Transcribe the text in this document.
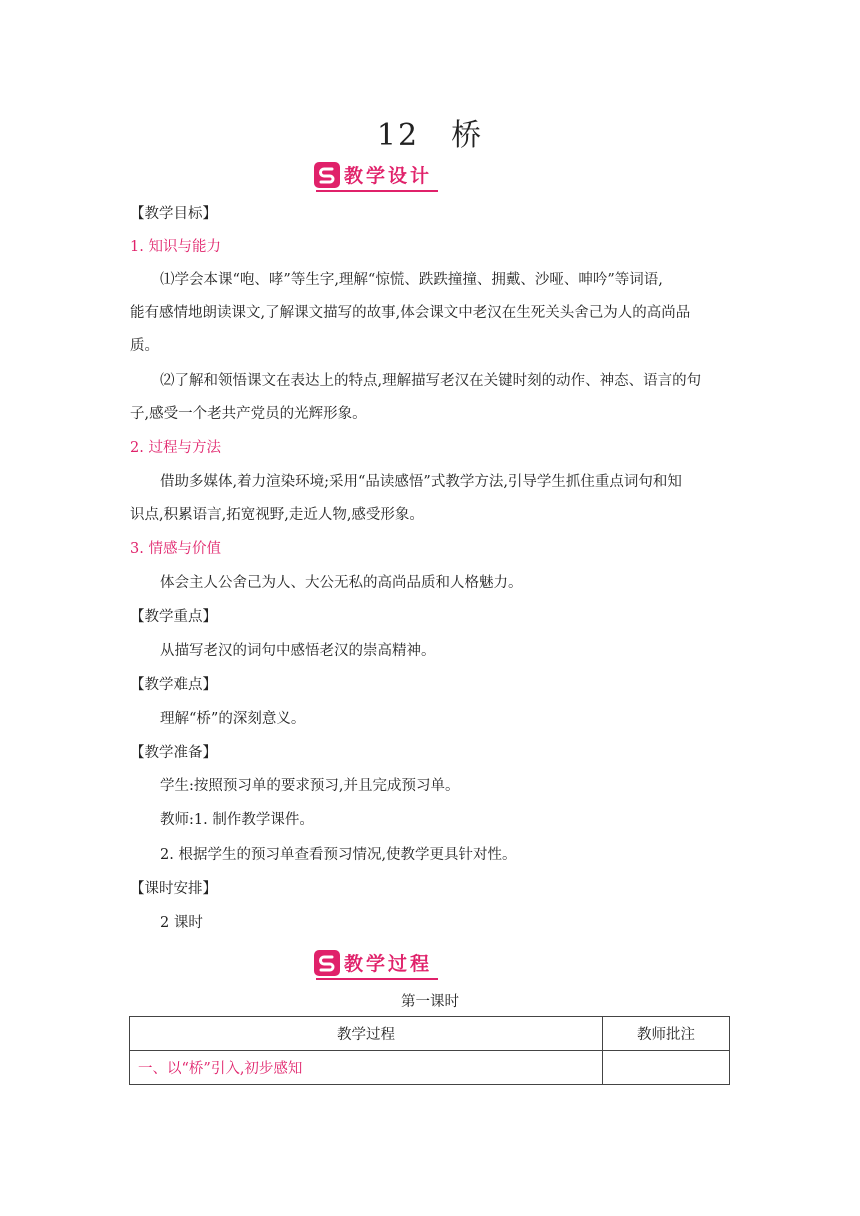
12　桥
教学设计
【教学目标】
1. 知识与能力
⑴学会本课“咆、哮”等生字,理解“惊慌、跌跌撞撞、拥戴、沙哑、呻吟”等词语,
能有感情地朗读课文,了解课文描写的故事,体会课文中老汉在生死关头舍己为人的高尚品
质。
⑵了解和领悟课文在表达上的特点,理解描写老汉在关键时刻的动作、神态、语言的句
子,感受一个老共产党员的光辉形象。
2. 过程与方法
借助多媒体,着力渲染环境;采用“品读感悟”式教学方法,引导学生抓住重点词句和知
识点,积累语言,拓宽视野,走近人物,感受形象。
3. 情感与价值
体会主人公舍己为人、大公无私的高尚品质和人格魅力。
【教学重点】
从描写老汉的词句中感悟老汉的崇高精神。
【教学难点】
理解“桥”的深刻意义。
【教学准备】
学生:按照预习单的要求预习,并且完成预习单。
教师:1. 制作教学课件。
2. 根据学生的预习单查看预习情况,使教学更具针对性。
【课时安排】
2 课时
教学过程
第一课时
教学过程	教师批注
一、以“桥”引入,初步感知	
